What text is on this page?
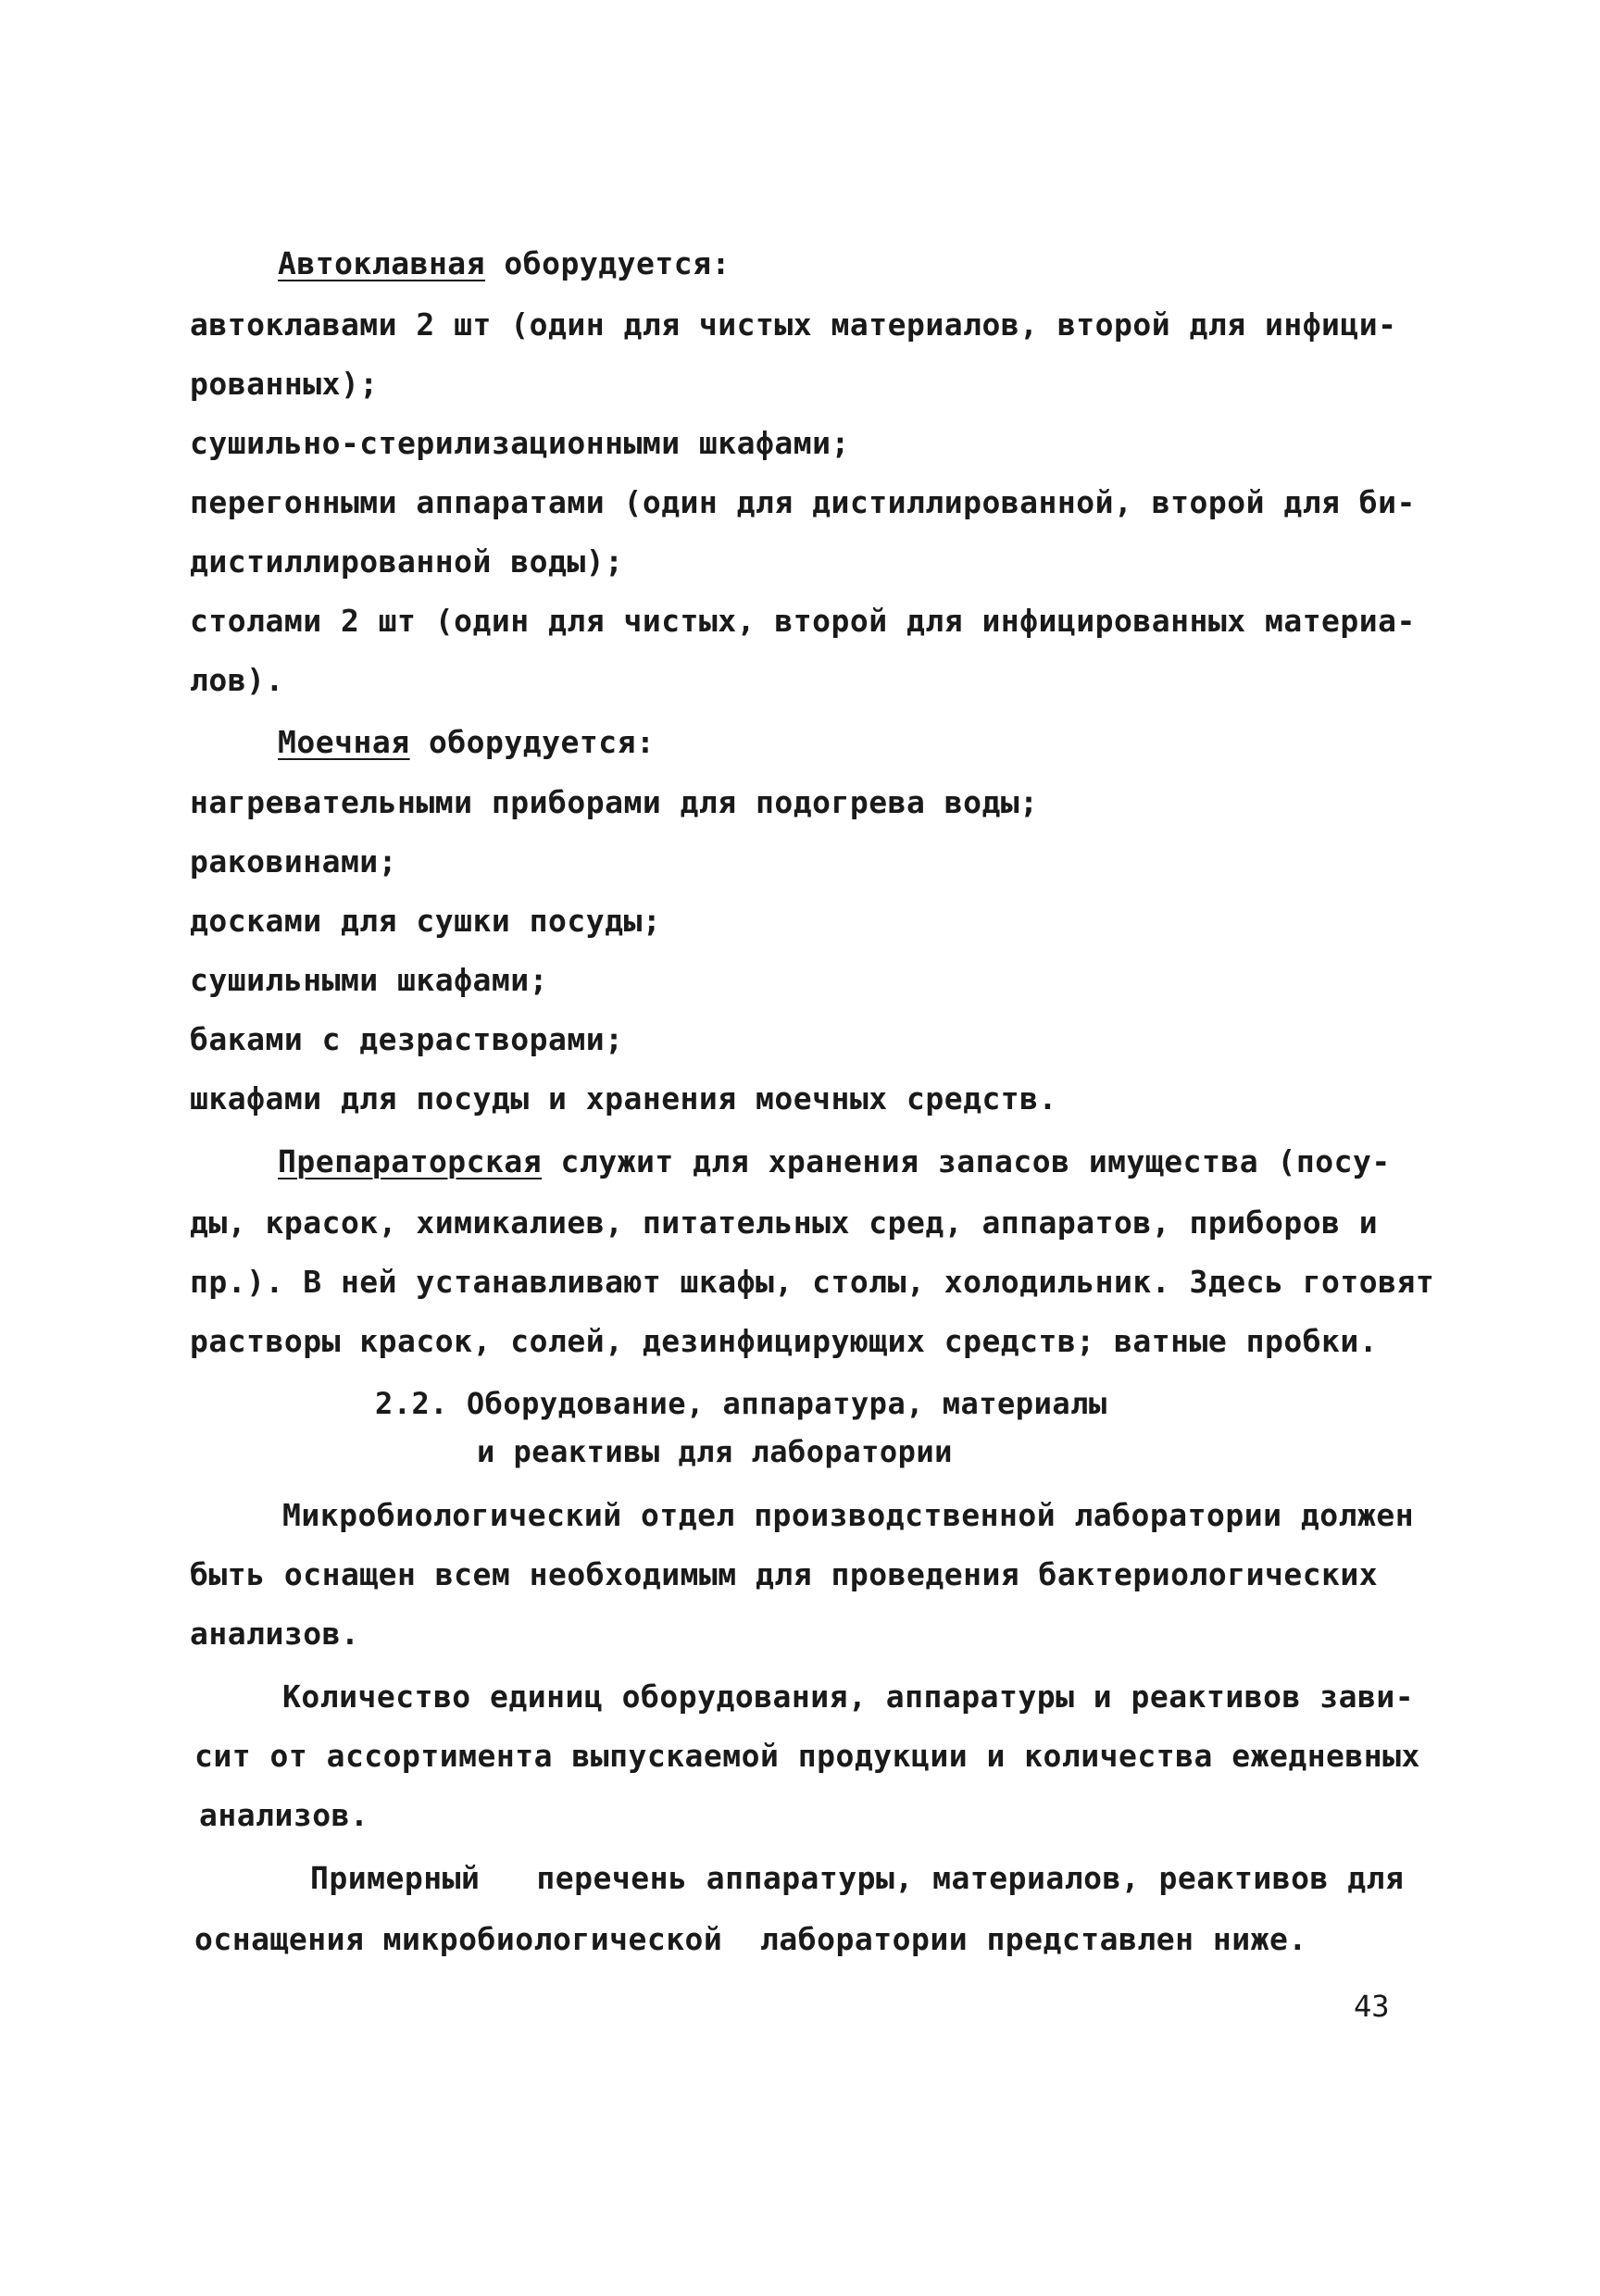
Автоклавная оборудуется:
автоклавами 2 шт (один для чистых материалов, второй для инфици-
рованных);
сушильно-стерилизационными шкафами;
перегонными аппаратами (один для дистиллированной, второй для би-
дистиллированной воды);
столами 2 шт (один для чистых, второй для инфицированных материа-
лов).
Моечная оборудуется:
нагревательными приборами для подогрева воды;
раковинами;
досками для сушки посуды;
сушильными шкафами;
баками с дезрастворами;
шкафами для посуды и хранения моечных средств.
Препараторская служит для хранения запасов имущества (посу-
ды, красок, химикалиев, питательных сред, аппаратов, приборов и
пр.). В ней устанавливают шкафы, столы, холодильник. Здесь готовят
растворы красок, солей, дезинфицирующих средств; ватные пробки.
2.2. Оборудование, аппаратура, материалы
и реактивы для лаборатории
Микробиологический отдел производственной лаборатории должен
быть оснащен всем необходимым для проведения бактериологических
анализов.
Количество единиц оборудования, аппаратуры и реактивов зави-
сит от ассортимента выпускаемой продукции и количества ежедневных
анализов.
Примерный   перечень аппаратуры, материалов, реактивов для
оснащения микробиологической  лаборатории представлен ниже.
43
